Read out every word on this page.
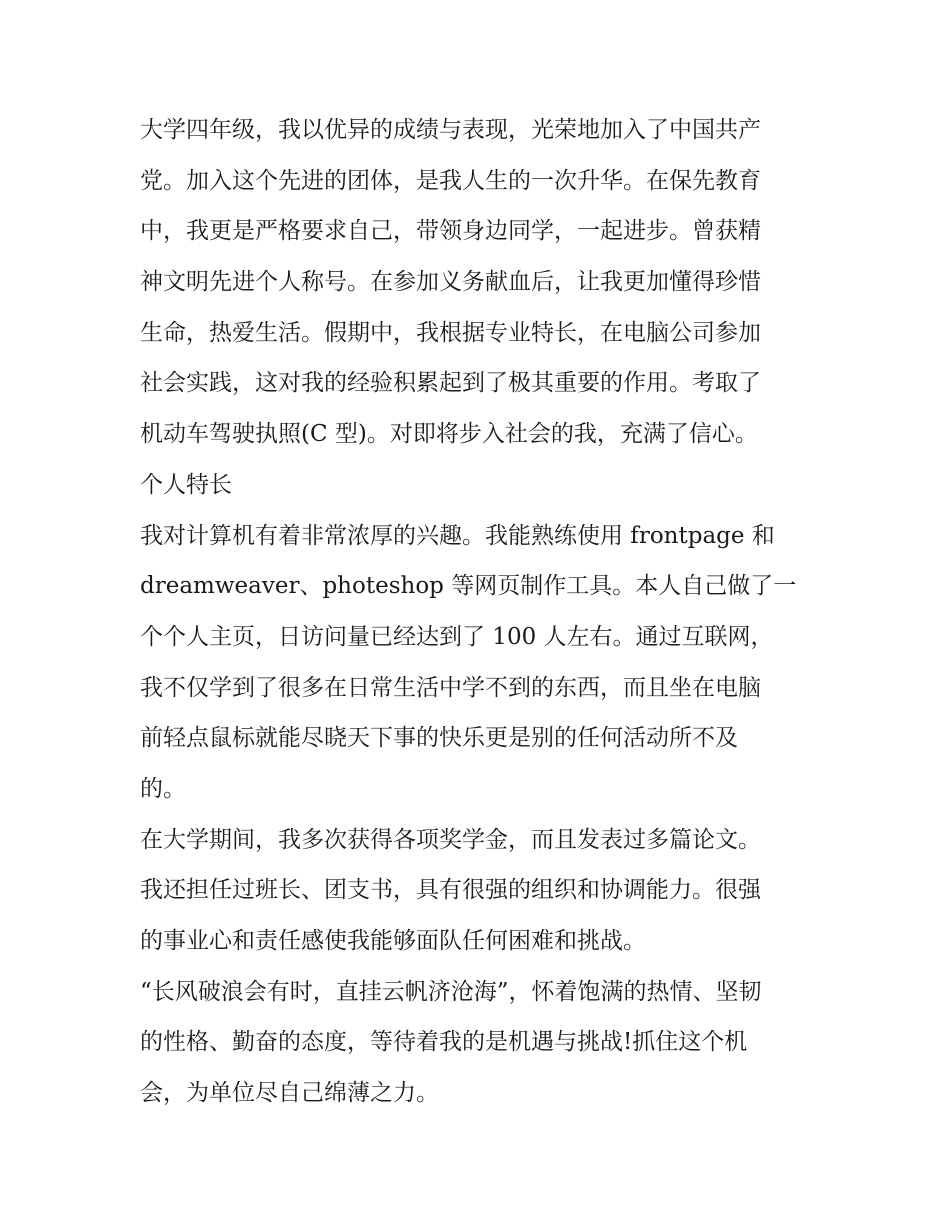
大学四年级，我以优异的成绩与表现，光荣地加入了中国共产
党。加入这个先进的团体，是我人生的一次升华。在保先教育
中，我更是严格要求自己，带领身边同学，一起进步。曾获精
神文明先进个人称号。在参加义务献血后，让我更加懂得珍惜
生命，热爱生活。假期中，我根据专业特长，在电脑公司参加
社会实践，这对我的经验积累起到了极其重要的作用。考取了
机动车驾驶执照(C 型)。对即将步入社会的我，充满了信心。
个人特长
我对计算机有着非常浓厚的兴趣。我能熟练使用 frontpage 和
dreamweaver、photeshop 等网页制作工具。本人自己做了一
个个人主页，日访问量已经达到了 100 人左右。通过互联网，
我不仅学到了很多在日常生活中学不到的东西，而且坐在电脑
前轻点鼠标就能尽晓天下事的快乐更是别的任何活动所不及
的。
在大学期间，我多次获得各项奖学金，而且发表过多篇论文。
我还担任过班长、团支书，具有很强的组织和协调能力。很强
的事业心和责任感使我能够面队任何困难和挑战。
“长风破浪会有时，直挂云帆济沧海”，怀着饱满的热情、坚韧
的性格、勤奋的态度，等待着我的是机遇与挑战!抓住这个机
会，为单位尽自己绵薄之力。
